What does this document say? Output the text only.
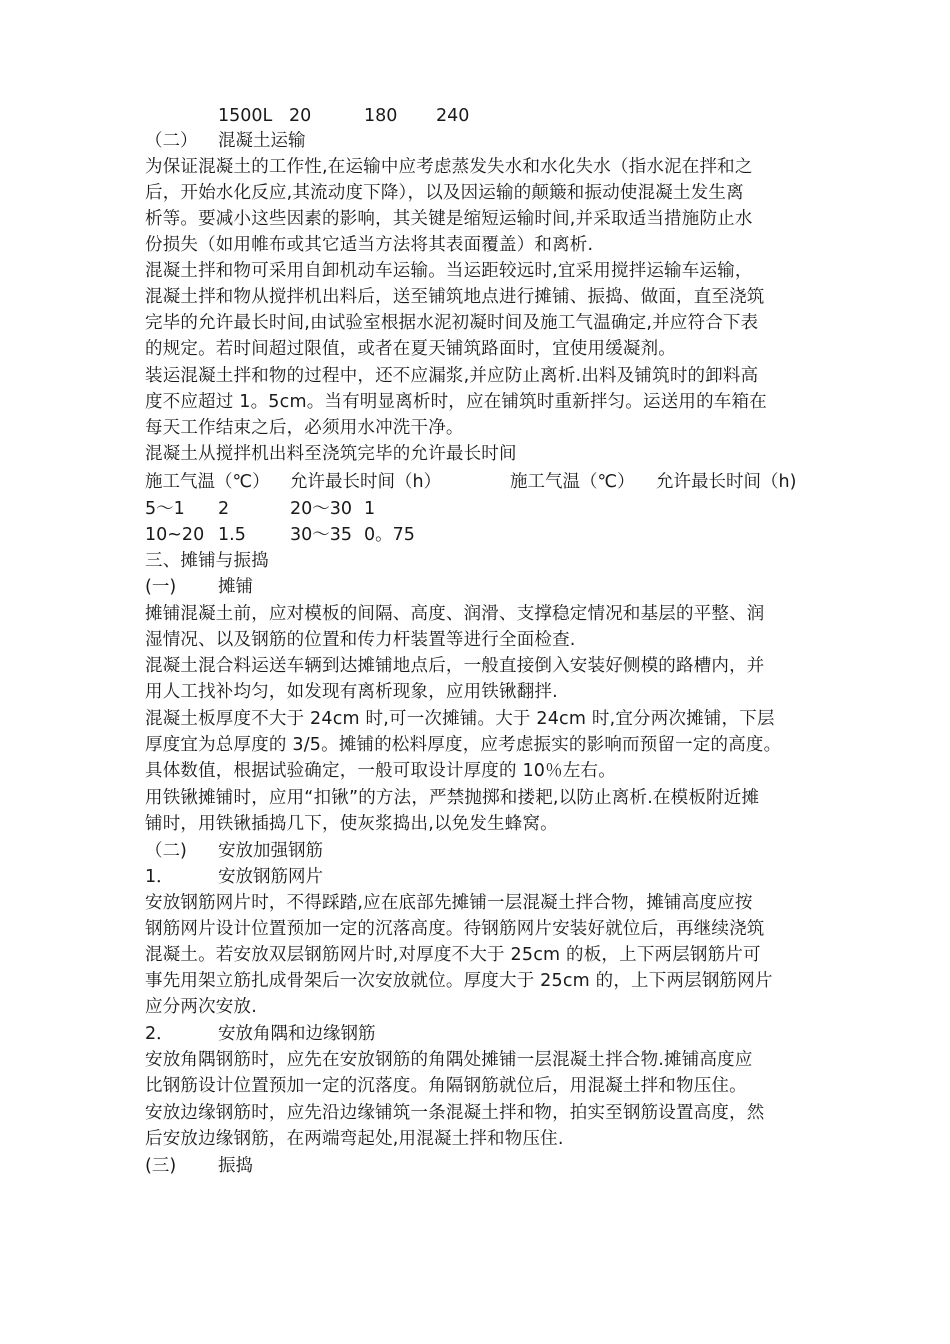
1500L 20	180 240
（二） 混凝土运输
为保证混凝土的工作性,在运输中应考虑蒸发失水和水化失水（指水泥在拌和之
后，开始水化反应,其流动度下降），以及因运输的颠簸和振动使混凝土发生离
析等。要减小这些因素的影响，其关键是缩短运输时间,并采取适当措施防止水
份损失（如用帷布或其它适当方法将其表面覆盖）和离析.
混凝土拌和物可采用自卸机动车运输。当运距较远时,宜采用搅拌运输车运输，
混凝土拌和物从搅拌机出料后，送至铺筑地点进行摊铺、振捣、做面，直至浇筑
完毕的允许最长时间,由试验室根据水泥初凝时间及施工气温确定,并应符合下表
的规定。若时间超过限值，或者在夏天铺筑路面时，宜使用缓凝剂。
装运混凝土拌和物的过程中，还不应漏浆,并应防止离析.出料及铺筑时的卸料高
度不应超过 1。5cm。当有明显离析时，应在铺筑时重新拌匀。运送用的车箱在
每天工作结束之后，必须用水冲洗干净。
混凝土从搅拌机出料至浇筑完毕的允许最长时间
施工气温（℃） 允许最长时间（h）	施工气温（℃） 允许最长时间（h)
5～1 2	20～30 1
10~20 1.5	30～35 0。75
三、摊铺与振捣
(一) 摊铺
摊铺混凝土前，应对模板的间隔、高度、润滑、支撑稳定情况和基层的平整、润
湿情况、以及钢筋的位置和传力杆装置等进行全面检查.
混凝土混合料运送车辆到达摊铺地点后，一般直接倒入安装好侧模的路槽内，并
用人工找补均匀，如发现有离析现象，应用铁锹翻拌.
混凝土板厚度不大于 24cm 时,可一次摊铺。大于 24cm 时,宜分两次摊铺，下层
厚度宜为总厚度的 3/5。摊铺的松料厚度，应考虑振实的影响而预留一定的高度。
具体数值，根据试验确定，一般可取设计厚度的 10％左右。
用铁锹摊铺时，应用“扣锹”的方法，严禁抛掷和搂耙,以防止离析.在模板附近摊
铺时，用铁锹插捣几下，使灰浆捣出,以免发生蜂窝。
（二) 安放加强钢筋
1．	安放钢筋网片
安放钢筋网片时，不得踩踏,应在底部先摊铺一层混凝土拌合物，摊铺高度应按
钢筋网片设计位置预加一定的沉落高度。待钢筋网片安装好就位后，再继续浇筑
混凝土。若安放双层钢筋网片时,对厚度不大于 25cm 的板，上下两层钢筋片可
事先用架立筋扎成骨架后一次安放就位。厚度大于 25cm 的，上下两层钢筋网片
应分两次安放.
2．	安放角隅和边缘钢筋
安放角隅钢筋时，应先在安放钢筋的角隅处摊铺一层混凝土拌合物.摊铺高度应
比钢筋设计位置预加一定的沉落度。角隔钢筋就位后，用混凝土拌和物压住。
安放边缘钢筋时，应先沿边缘铺筑一条混凝土拌和物，拍实至钢筋设置高度，然
后安放边缘钢筋，在两端弯起处,用混凝土拌和物压住.
(三) 振捣
